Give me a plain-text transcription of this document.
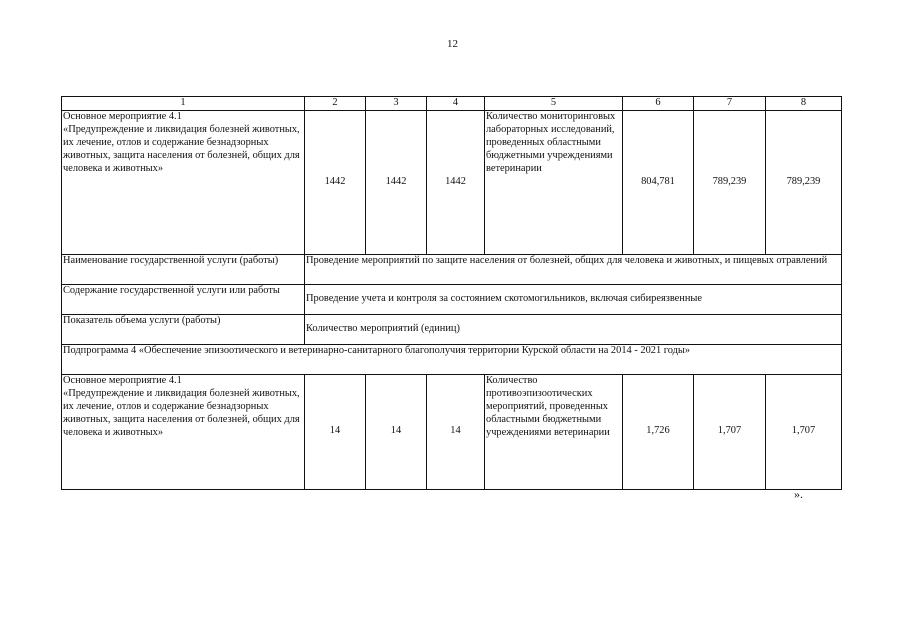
12
1	2	3	4	5	6	7	8
Основное мероприятие 4.1
«Предупреждение и ликвидация болезней животных, их лечение, отлов и содержание безнадзорных животных, защита населения от болезней, общих для человека и животных»	1442	1442	1442	Количество мониторинговых лабораторных исследований, проведенных областными бюджетными учреждениями ветеринарии	804,781	789,239	789,239
Наименование государственной услуги (работы)	Проведение мероприятий по защите населения от болезней, общих для человека и животных, и пищевых отравлений						
Содержание государственной услуги или работы	Проведение учета и контроля за состоянием скотомогильников, включая сибиреязвенные						
Показатель объема услуги (работы)	Количество мероприятий (единиц)						
Подпрограмма 4 «Обеспечение эпизоотического и ветеринарно-санитарного благополучия территории Курской области на 2014 - 2021 годы»							
Основное мероприятие 4.1
«Предупреждение и ликвидация болезней животных, их лечение, отлов и содержание безнадзорных животных, защита населения от болезней, общих для человека и животных»	14	14	14	Количество противоэпизоотических мероприятий, проведенных областными бюджетными учреждениями ветеринарии	1,726	1,707	1,707
».
